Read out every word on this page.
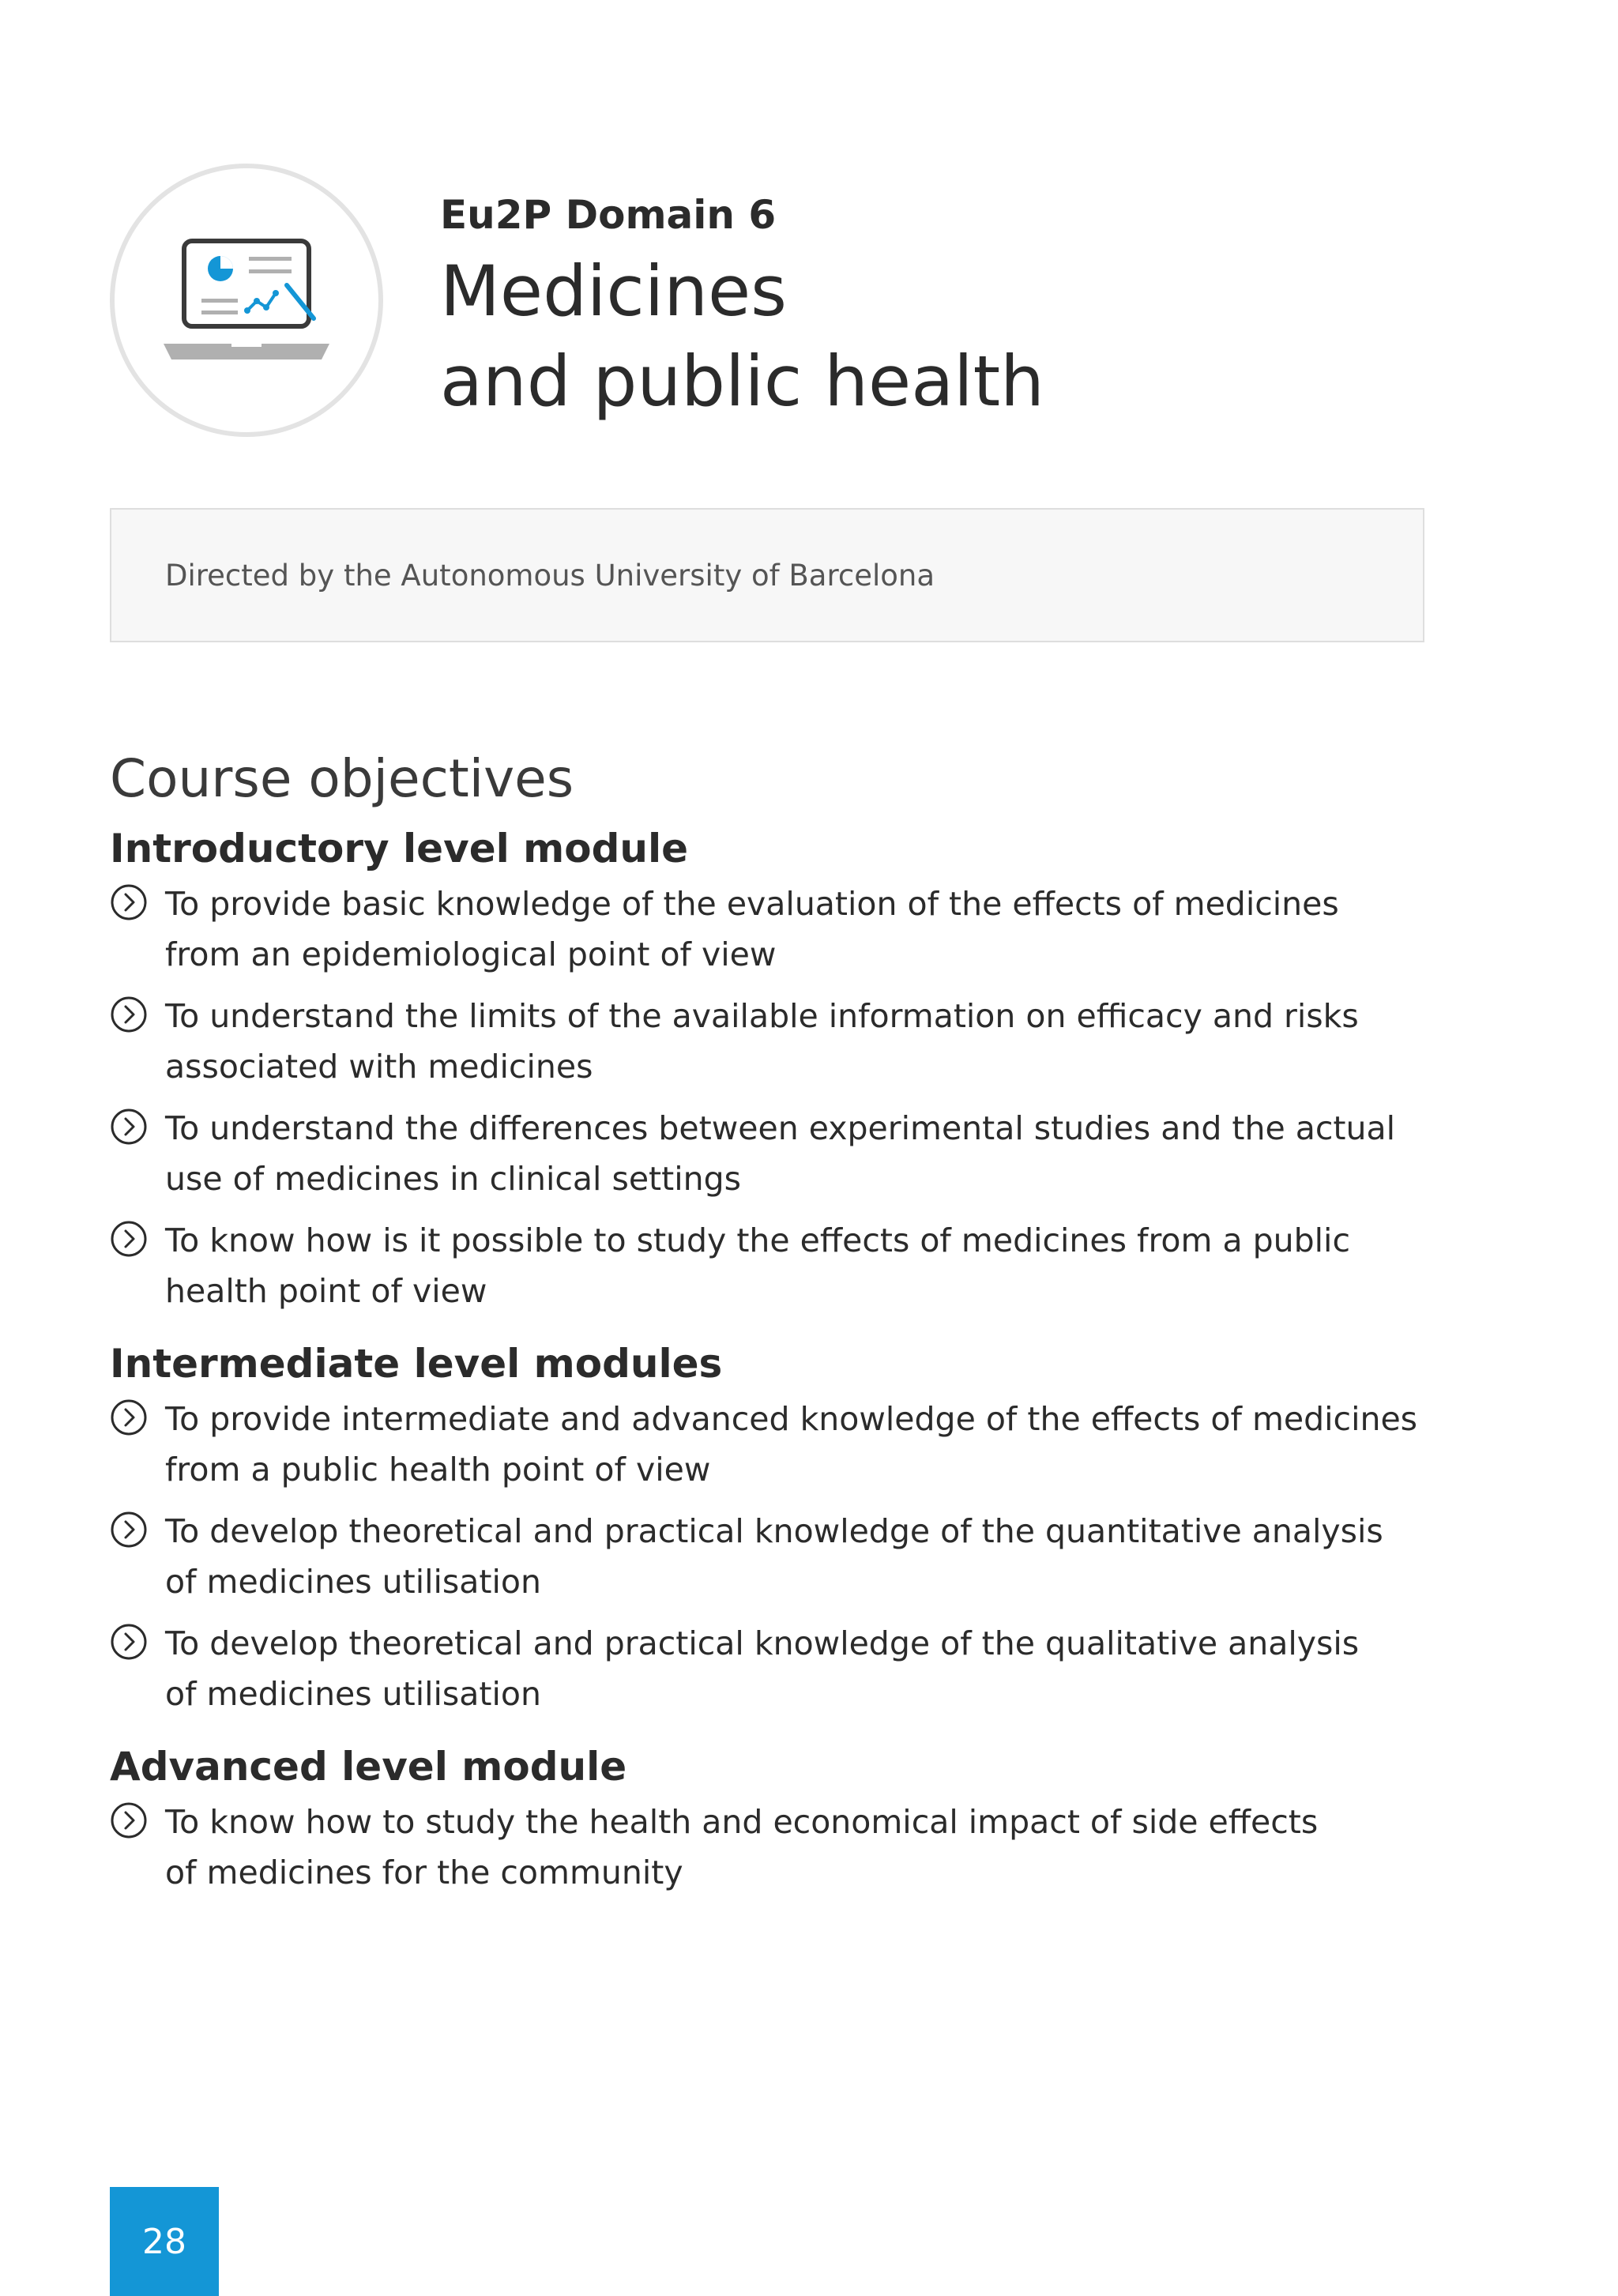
Eu2P Domain 6
Medicines
and public health
Directed by the Autonomous University of Barcelona
Course objectives
Introductory level module
To provide basic knowledge of the evaluation of the effects of medicines
from an epidemiological point of view
To understand the limits of the available information on efficacy and risks
associated with medicines
To understand the differences between experimental studies and the actual
use of medicines in clinical settings
To know how is it possible to study the effects of medicines from a public
health point of view
Intermediate level modules
To provide intermediate and advanced knowledge of the effects of medicines
from a public health point of view
To develop theoretical and practical knowledge of the quantitative analysis
of medicines utilisation
To develop theoretical and practical knowledge of the qualitative analysis
of medicines utilisation
Advanced level module
To know how to study the health and economical impact of side effects
of medicines for the community
28
